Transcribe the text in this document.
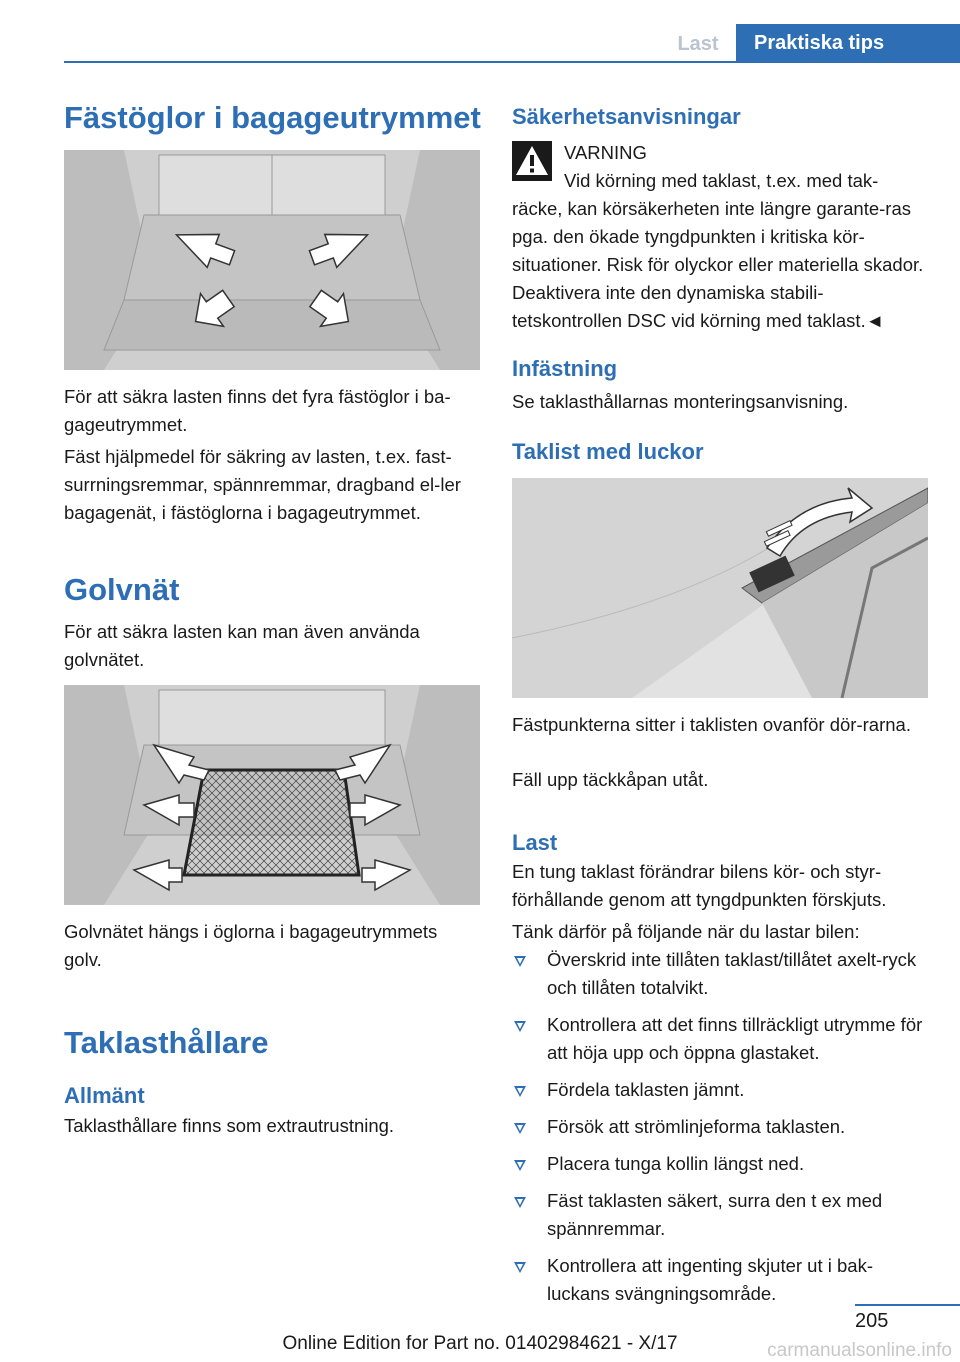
Last	Praktiska tips
Fästöglor i bagageutrymmet

För att säkra lasten finns det fyra fästöglor i ba-gageutrymmet.

Fäst hjälpmedel för säkring av lasten, t.ex. fast-surrningsremmar, spännremmar, dragband el-ler bagagenät, i fästöglorna i bagageutrymmet.

Golvnät

För att säkra lasten kan man även använda golvnätet.

Golvnätet hängs i öglorna i bagageutrymmets golv.

Taklasthållare
Allmänt

Taklasthållare finns som extrautrustning.

Säkerhetsanvisningar
VARNING
Vid körning med taklast, t.ex. med tak-
räcke, kan körsäkerheten inte längre garante-ras pga. den ökade tyngdpunkten i kritiska kör-situationer. Risk för olyckor eller materiella skador. Deaktivera inte den dynamiska stabili-tetskontrollen DSC vid körning med taklast.◄
Infästning

Se taklasthållarnas monteringsanvisning.

Taklist med luckor

Fästpunkterna sitter i taklisten ovanför dör-rarna.

Fäll upp täckkåpan utåt.

Last

En tung taklast förändrar bilens kör- och styr-förhållande genom att tyngdpunkten förskjuts.

Tänk därför på följande när du lastar bilen:

Överskrid inte tillåten taklast/tillåtet axelt-ryck och tillåten totalvikt.
Kontrollera att det finns tillräckligt utrymme för att höja upp och öppna glastaket.
Fördela taklasten jämnt.
Försök att strömlinjeforma taklasten.
Placera tunga kollin längst ned.
Fäst taklasten säkert, surra den t ex med spännremmar.
Kontrollera att ingenting skjuter ut i bak-luckans svängningsområde.
205
Online Edition for Part no. 01402984621 - X/17	carmanualsonline.info
